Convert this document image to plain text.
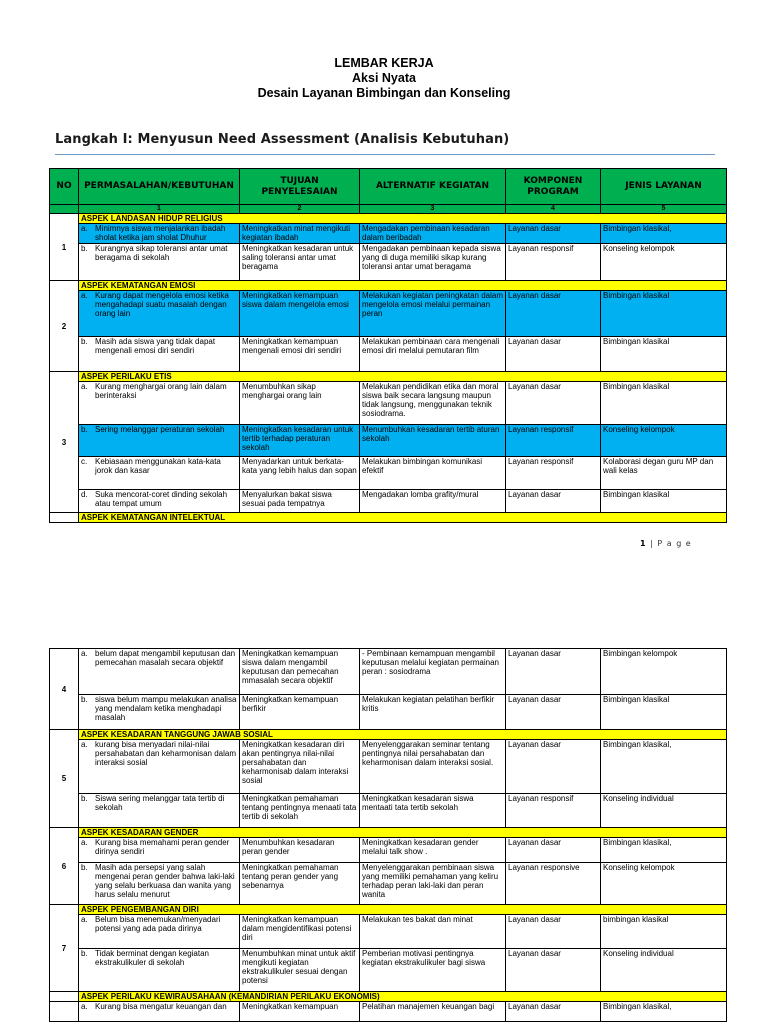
LEMBAR KERJA
Aksi Nyata
Desain Layanan Bimbingan dan Konseling
Langkah I: Menyusun Need Assessment (Analisis Kebutuhan)
NO	PERMASALAHAN/KEBUTUHAN	TUJUAN PENYELESAIAN	ALTERNATIF KEGIATAN	KOMPONEN PROGRAM	JENIS LAYANAN
	1	2	3	4	5
1	ASPEK LANDASAN HIDUP RELIGIUS				

	a. Minimnya siswa menjalankan ibadah sholat ketika jam sholat Dhuhur	Meningkatkan minat mengikuti kegiatan ibadah	Mengadakan pembinaan kesadaran dalam beribadah	Layanan dasar	Bimbingan klasikal,

	b. Kurangnya sikap toleransi antar umat beragama di sekolah	Meningkatkan kesadaran untuk saling toleransi antar umat beragama	Mengadakan pembinaan kepada siswa yang di duga memiliki sikap kurang toleransi antar umat beragama	Layanan responsif	Konseling kelompok
2	ASPEK KEMATANGAN EMOSI				

	a. Kurang dapat mengelola emosi ketika mengahadapi suatu masalah dengan orang lain	Meningkatkan kemampuan siswa dalam mengelola emosi	Melakukan kegiatan peningkatan dalam mengelola emosi melalui permainan peran	Layanan dasar	Bimbingan klasikal

	b. Masih ada siswa yang tidak dapat mengenali emosi diri sendiri	Meningkatkan kemampuan mengenali emosi diri sendiri	Melakukan pembinaan cara mengenali emosi diri melalui pemutaran film	Layanan dasar	Bimbingan klasikal
3	ASPEK PERILAKU ETIS				

	a. Kurang menghargai orang lain dalam berinteraksi	Menumbuhkan sikap menghargai orang lain	Melakukan pendidikan etika dan moral siswa baik secara langsung maupun tidak langsung, menggunakan teknik sosiodrama.	Layanan dasar	Bimbingan klasikal

	b. Sering melanggar peraturan sekolah	Meningkatkan kesadaran untuk tertib terhadap peraturan sekolah	Menumbuhkan kesadaran tertib aturan sekolah	Layanan responsif	Konseling kelompok

	c. Kebiasaan menggunakan kata-kata jorok dan kasar	Menyadarkan untuk berkata-kata yang lebih halus dan sopan	Melakukan bimbingan komunikasi efektif	Layanan responsif	Kolaborasi degan guru MP dan wali kelas

	d. Suka mencorat-coret dinding sekolah atau tempat umum	Menyalurkan bakat siswa sesuai pada tempatnya	Mengadakan lomba grafity/mural	Layanan dasar	Bimbingan klasikal
	ASPEK KEMATANGAN INTELEKTUAL				
1 | P a g e
4	a. belum dapat mengambil keputusan dan pemecahan masalah secara objektif	Meningkatkan kemampuan siswa dalam mengambil keputusan dan pemecahan mmasalah secara objektif	- Pembinaan kemampuan mengambil keputusan melalui kegiatan permainan peran : sosiodrama	Layanan dasar	Bimbingan kelompok

	b. siswa belum mampu melakukan analisa yang mendalam ketika menghadapi masalah	Meningkatkan kemampuan berfikir	Melakukan kegiatan pelatihan berfikir kritis	Layanan dasar	Bimbingan klasikal
5	ASPEK KESADARAN TANGGUNG JAWAB SOSIAL				

	a. kurang bisa menyadari nilai-nilai persahabatan dan keharmonisan dalam interaksi sosial	Meningkatkan kesadaran diri akan pentingnya nilai-nilai persahabatan dan keharmonisab dalam interaksi sosial	Menyelenggarakan seminar tentang pentingnya nilai persahabatan dan keharmonisan dalam interaksi sosial.	Layanan dasar	Bimbingan klasikal,

	b. Siswa sering melanggar tata tertib di sekolah	Meningkatkan pemahaman tentang pentingnya menaati tata tertib di sekolah	Meningkatkan kesadaran siswa mentaati tata tertib sekolah	Layanan responsif	Konseling individual
6	ASPEK KESADARAN GENDER				

	a. Kurang bisa memahami peran gender dirinya sendiri	Menumbuhkan kesadaran peran gender	Meningkatkan kesadaran gender melalui talk show .	Layanan dasar	Bimbingan klasikal,

	b. Masih ada persepsi yang salah mengenai peran gender bahwa laki-laki yang selalu berkuasa dan wanita yang harus selalu menurut	Meningkatkan pemahaman tentang peran gender yang sebenarnya	Menyelenggarakan pembinaan siswa yang memiliki pemahaman yang keliru terhadap peran laki-laki dan peran wanita	Layanan responsive	Konseling kelompok
7	ASPEK PENGEMBANGAN DIRI				

	a. Belum bisa menemukan/menyadari potensi yang ada pada dirinya	Meningkatkan kemampuan dalam mengidentifikasi potensi diri	Melakukan tes bakat dan minat	Layanan dasar	bimbingan klasikal

	b. Tidak berminat dengan kegiatan ekstrakulikuler di sekolah	Menumbuhkan minat untuk aktif mengikuti kegiatan ekstrakulikuler sesuai dengan potensi	Pemberian motivasi pentingnya kegiatan ekstrakulikuler bagi siswa	Layanan dasar	Konseling individual
	ASPEK PERILAKU KEWIRAUSAHAAN (KEMANDIRIAN PERILAKU EKONOMIS)				

	a. Kurang bisa mengatur keuangan dan	Meningkatkan kemampuan	Pelatihan manajemen keuangan bagi	Layanan dasar	Bimbingan klasikal,
